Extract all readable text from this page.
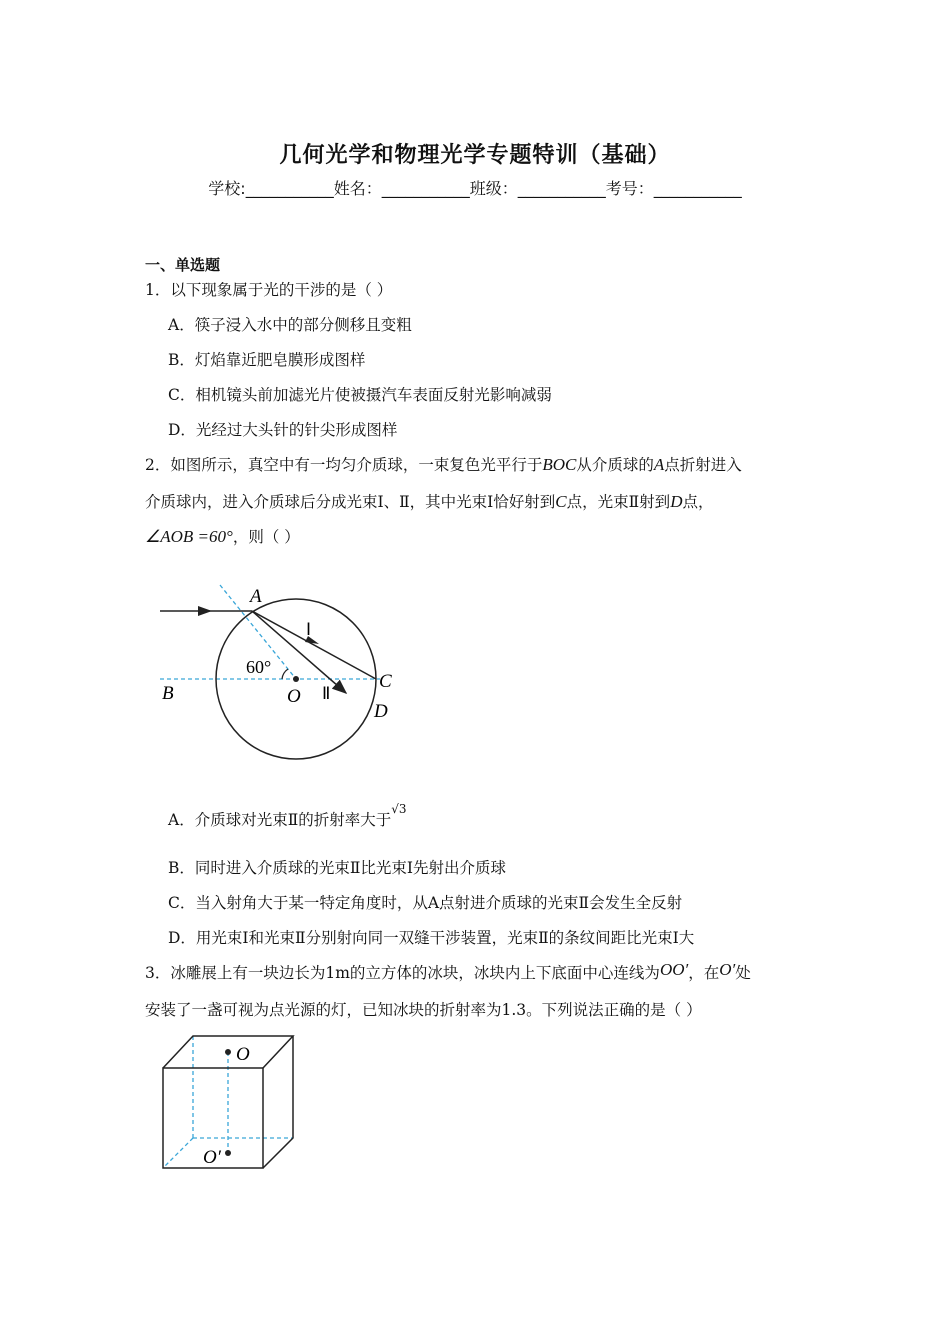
几何光学和物理光学专题特训（基础）
学校:___________姓名：___________班级：___________考号：___________
一、单选题
1．以下现象属于光的干涉的是（ ）
A．筷子浸入水中的部分侧移且变粗
B．灯焰靠近肥皂膜形成图样
C．相机镜头前加滤光片使被摄汽车表面反射光影响减弱
D．光经过大头针的针尖形成图样
2．如图所示，真空中有一均匀介质球，一束复色光平行于BOC从介质球的A点折射进入
介质球内，进入介质球后分成光束Ⅰ、Ⅱ，其中光束Ⅰ恰好射到C点，光束Ⅱ射到D点，
∠AOB =60°，则（ ）
A
B	O
C
D
Ⅰ
Ⅱ
60°
A．介质球对光束Ⅱ的折射率大于$^{√3}$
B．同时进入介质球的光束Ⅱ比光束Ⅰ先射出介质球
C．当入射角大于某一特定角度时，从A点射进介质球的光束Ⅱ会发生全反射
D．用光束Ⅰ和光束Ⅱ分别射向同一双缝干涉装置，光束Ⅱ的条纹间距比光束Ⅰ大
3．冰雕展上有一块边长为1m的立方体的冰块，冰块内上下底面中心连线为OO′，在O′处
安装了一盏可视为点光源的灯，已知冰块的折射率为1.3。下列说法正确的是（ ）
O
O′
